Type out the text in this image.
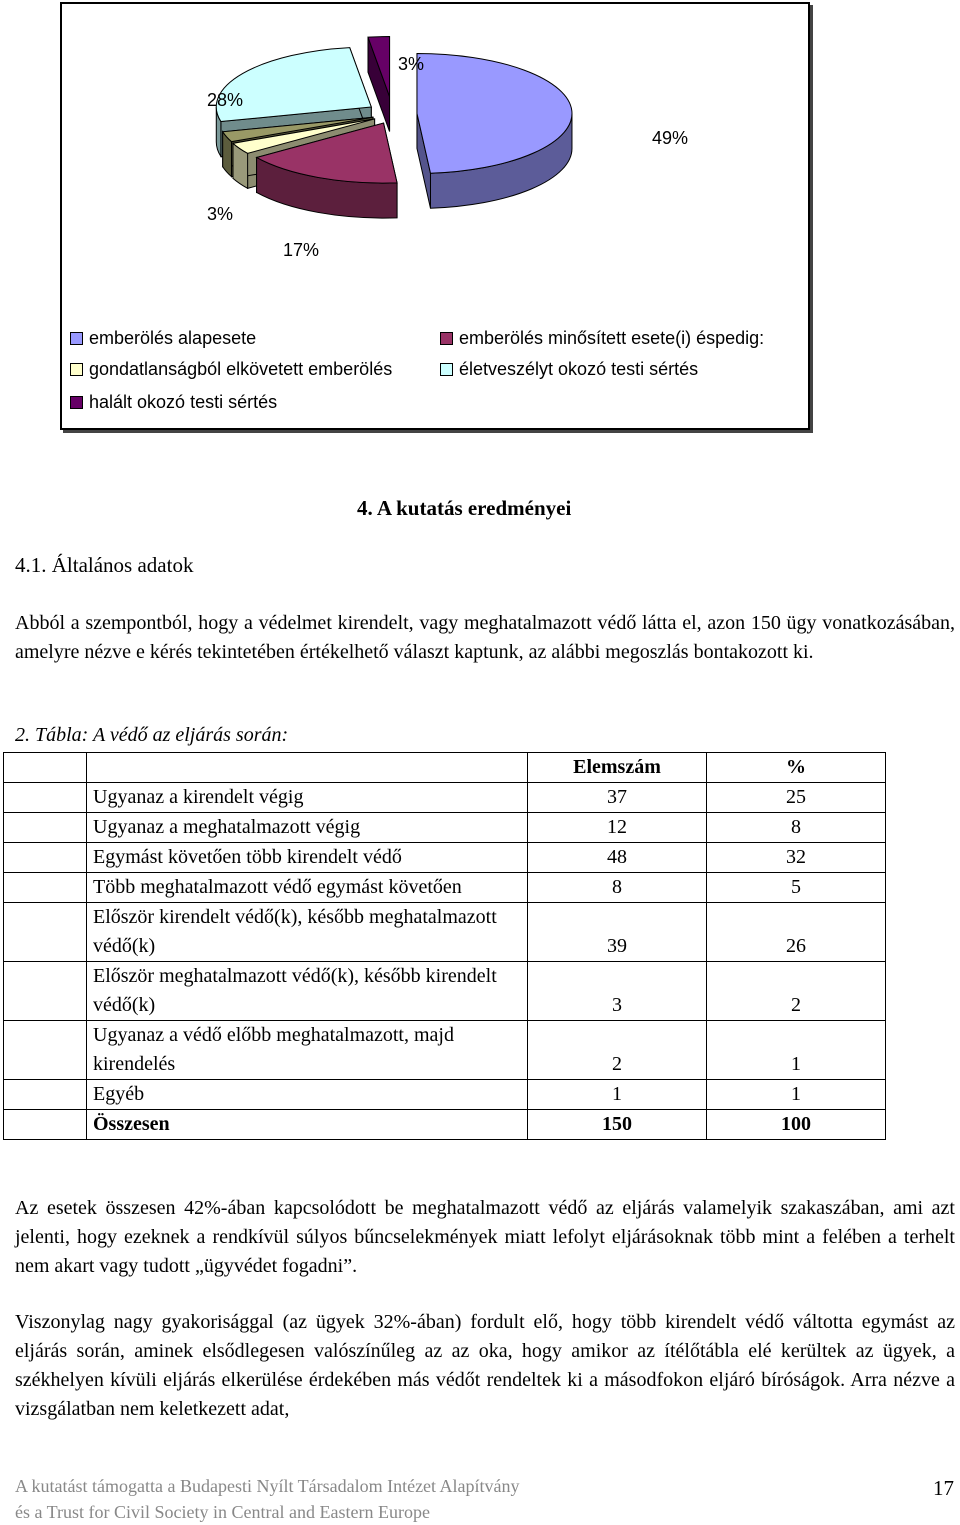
3%
28%
49%
3%
17%
emberölés alapesete	emberölés minősített esete(i) éspedig:
gondatlanságból elkövetett emberölés	életveszélyt okozó testi sértés
halált okozó testi sértés
4. A kutatás eredményei
4.1. Általános adatok
Abból a szempontból, hogy a védelmet kirendelt, vagy meghatalmazott védő látta el, azon 150 ügy vonatkozásában, amelyre nézve e kérés tekintetében értékelhető választ kaptunk, az alábbi megoszlás bontakozott ki.
2. Tábla: A védő az eljárás során:
		Elemszám	%
	Ugyanaz a kirendelt végig	37	25
	Ugyanaz a meghatalmazott végig	12	8
	Egymást követően több kirendelt védő	48	32
	Több meghatalmazott védő egymást követően	8	5
	Először kirendelt védő(k), később meghatalmazott védő(k)	39	26
	Először meghatalmazott védő(k), később kirendelt védő(k)	3	2
	Ugyanaz a védő előbb meghatalmazott, majd kirendelés	2	1
	Egyéb	1	1
	Összesen	150	100
Az esetek összesen 42%-ában kapcsolódott be meghatalmazott védő az eljárás valamelyik szakaszában, ami azt jelenti, hogy ezeknek a rendkívül súlyos bűncselekmények miatt lefolyt eljárásoknak több mint a felében a terhelt nem akart vagy tudott „ügyvédet fogadni”.
Viszonylag nagy gyakorisággal (az ügyek 32%-ában) fordult elő, hogy több kirendelt védő váltotta egymást az eljárás során, aminek elsődlegesen valószínűleg az az oka, hogy amikor az ítélőtábla elé kerültek az ügyek, a székhelyen kívüli eljárás elkerülése érdekében más védőt rendeltek ki a másodfokon eljáró bíróságok. Arra nézve a vizsgálatban nem keletkezett adat,
A kutatást támogatta a Budapesti Nyílt Társadalom Intézet Alapítvány
és a Trust for Civil Society in Central and Eastern Europe
17
